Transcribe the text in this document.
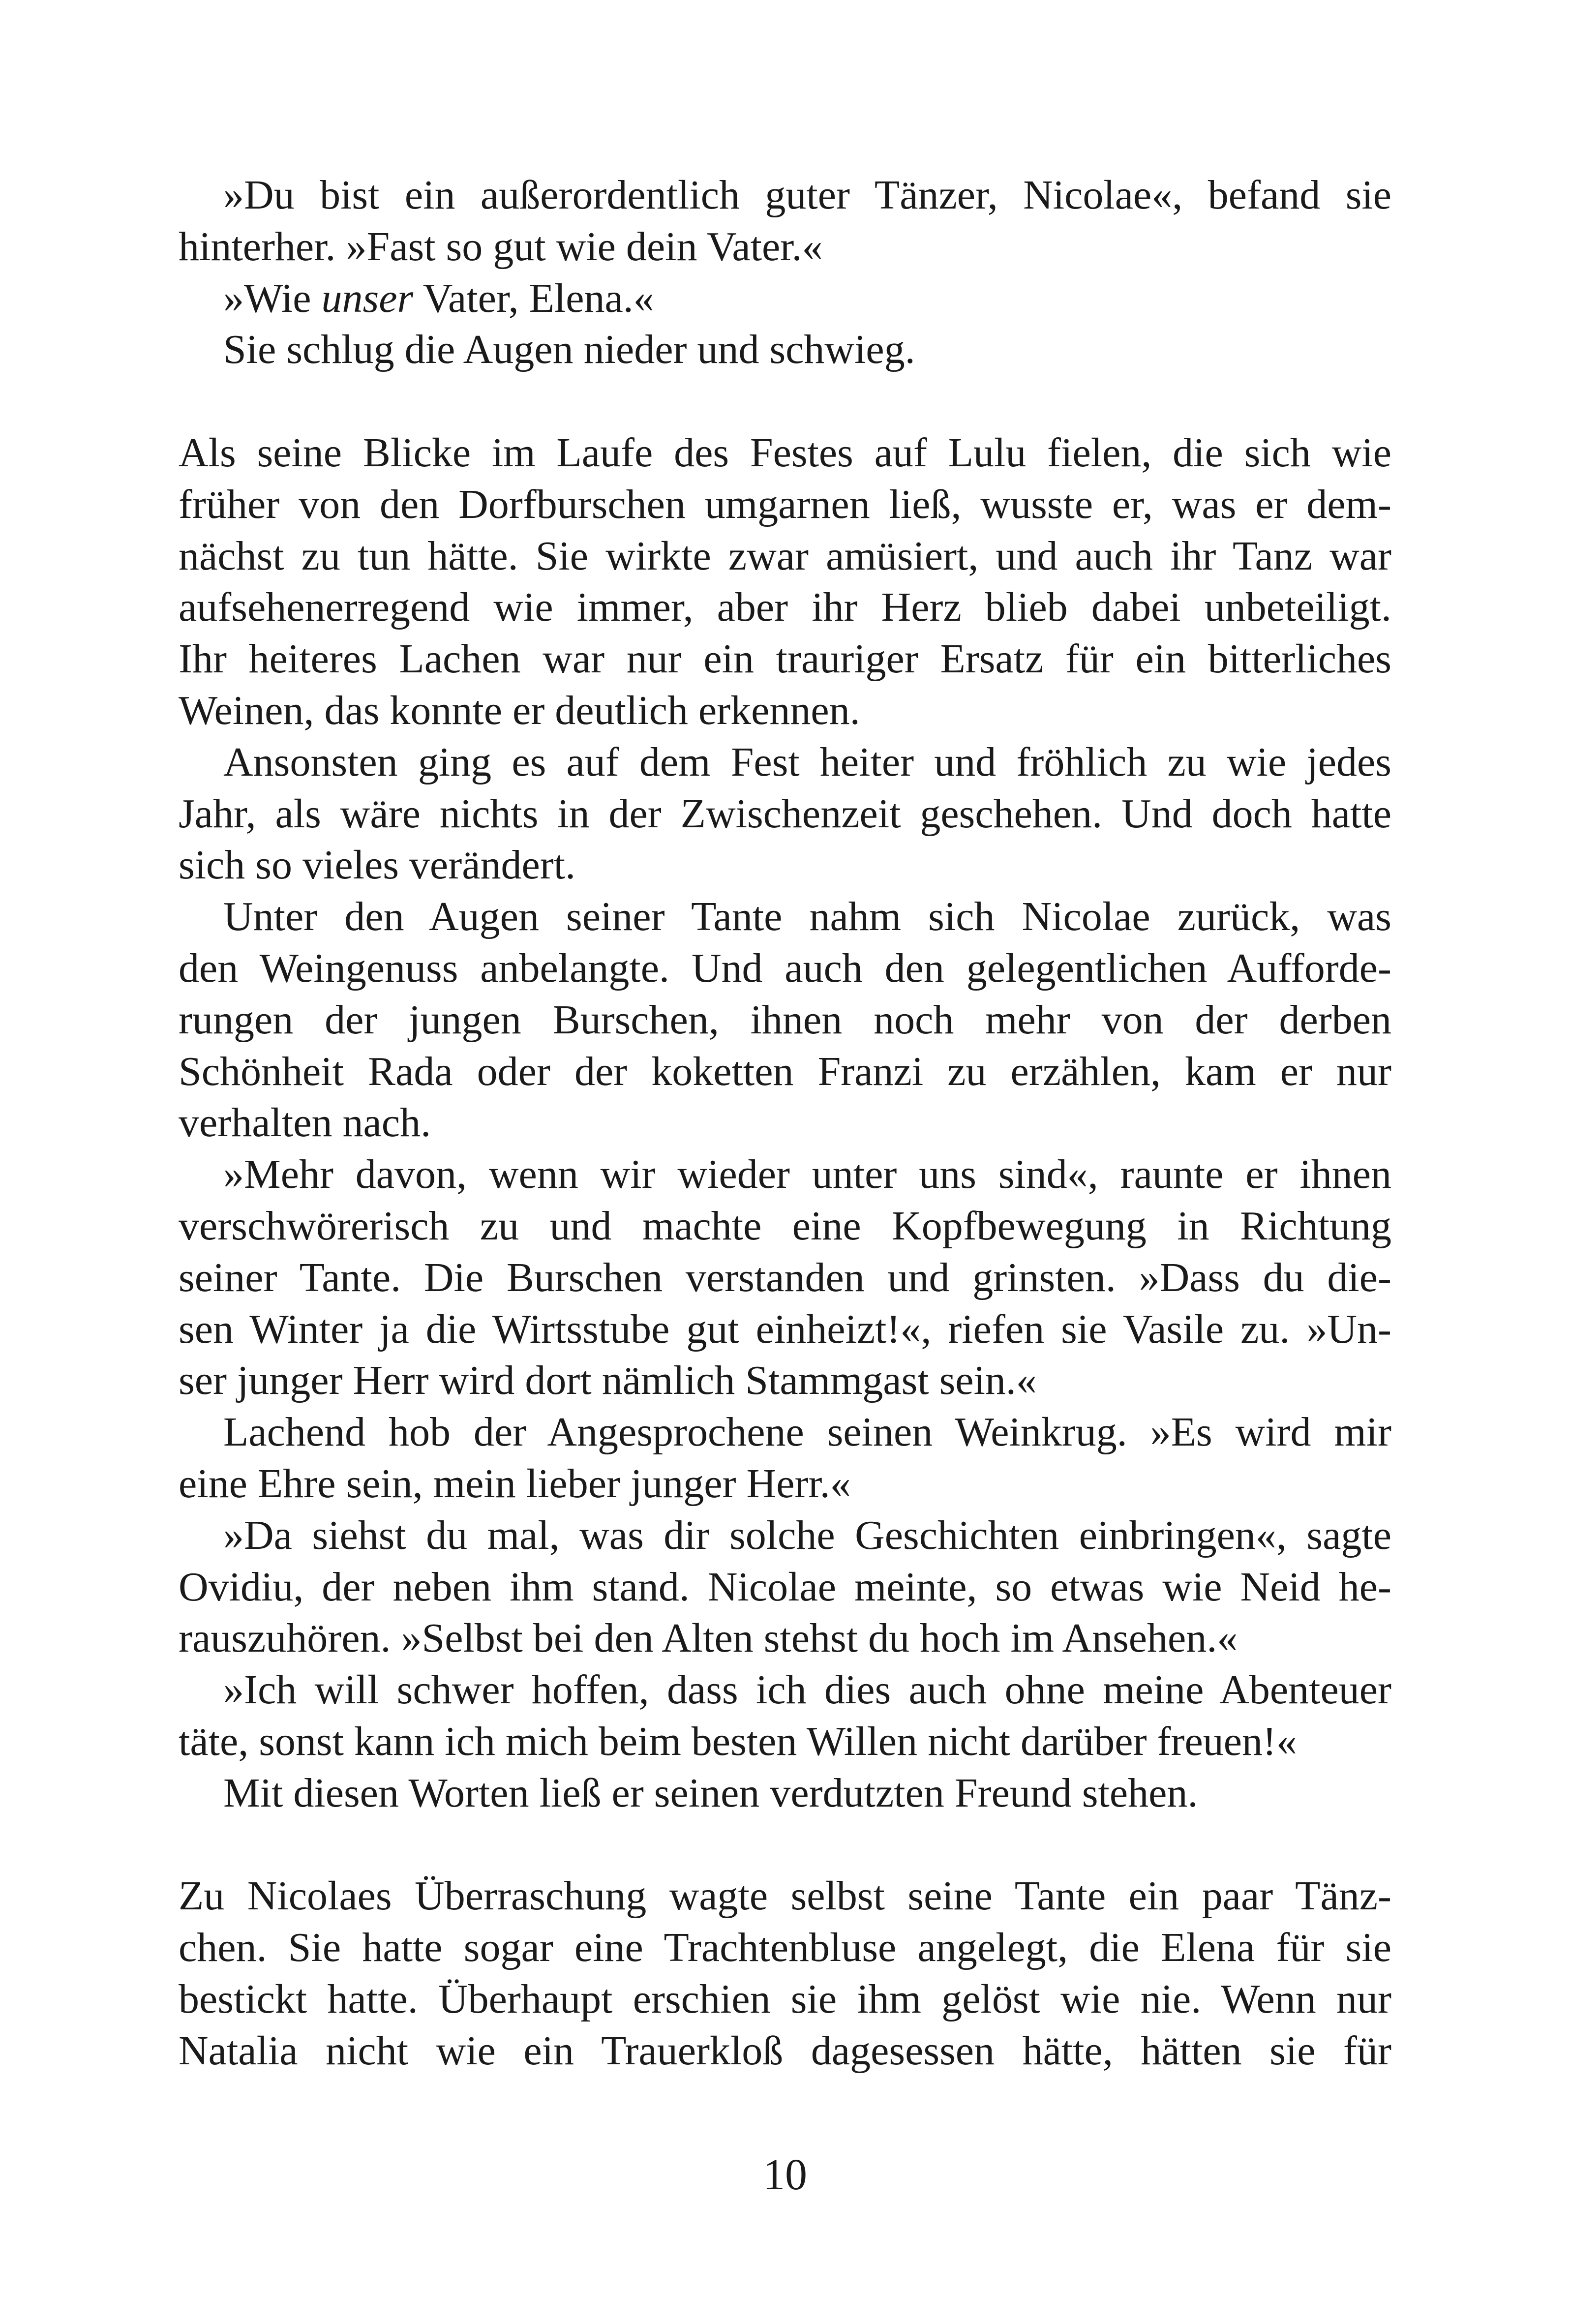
»Du bist ein außerordentlich guter Tänzer, Nicolae«, befand sie
hinterher. »Fast so gut wie dein Vater.«
»Wie unser Vater, Elena.«
Sie schlug die Augen nieder und schwieg.
Als seine Blicke im Laufe des Festes auf Lulu fielen, die sich wie
früher von den Dorfburschen umgarnen ließ, wusste er, was er dem-
nächst zu tun hätte. Sie wirkte zwar amüsiert, und auch ihr Tanz war
aufsehenerregend wie immer, aber ihr Herz blieb dabei unbeteiligt.
Ihr heiteres Lachen war nur ein trauriger Ersatz für ein bitterliches
Weinen, das konnte er deutlich erkennen.
Ansonsten ging es auf dem Fest heiter und fröhlich zu wie jedes
Jahr, als wäre nichts in der Zwischenzeit geschehen. Und doch hatte
sich so vieles verändert.
Unter den Augen seiner Tante nahm sich Nicolae zurück, was
den Weingenuss anbelangte. Und auch den gelegentlichen Aufforde-
rungen der jungen Burschen, ihnen noch mehr von der derben
Schönheit Rada oder der koketten Franzi zu erzählen, kam er nur
verhalten nach.
»Mehr davon, wenn wir wieder unter uns sind«, raunte er ihnen
verschwörerisch zu und machte eine Kopfbewegung in Richtung
seiner Tante. Die Burschen verstanden und grinsten. »Dass du die-
sen Winter ja die Wirtsstube gut einheizt!«, riefen sie Vasile zu. »Un-
ser junger Herr wird dort nämlich Stammgast sein.«
Lachend hob der Angesprochene seinen Weinkrug. »Es wird mir
eine Ehre sein, mein lieber junger Herr.«
»Da siehst du mal, was dir solche Geschichten einbringen«, sagte
Ovidiu, der neben ihm stand. Nicolae meinte, so etwas wie Neid he-
rauszuhören. »Selbst bei den Alten stehst du hoch im Ansehen.«
»Ich will schwer hoffen, dass ich dies auch ohne meine Abenteuer
täte, sonst kann ich mich beim besten Willen nicht darüber freuen!«
Mit diesen Worten ließ er seinen verdutzten Freund stehen.
Zu Nicolaes Überraschung wagte selbst seine Tante ein paar Tänz-
chen. Sie hatte sogar eine Trachtenbluse angelegt, die Elena für sie
bestickt hatte. Überhaupt erschien sie ihm gelöst wie nie. Wenn nur
Natalia nicht wie ein Trauerkloß dagesessen hätte, hätten sie für
10
